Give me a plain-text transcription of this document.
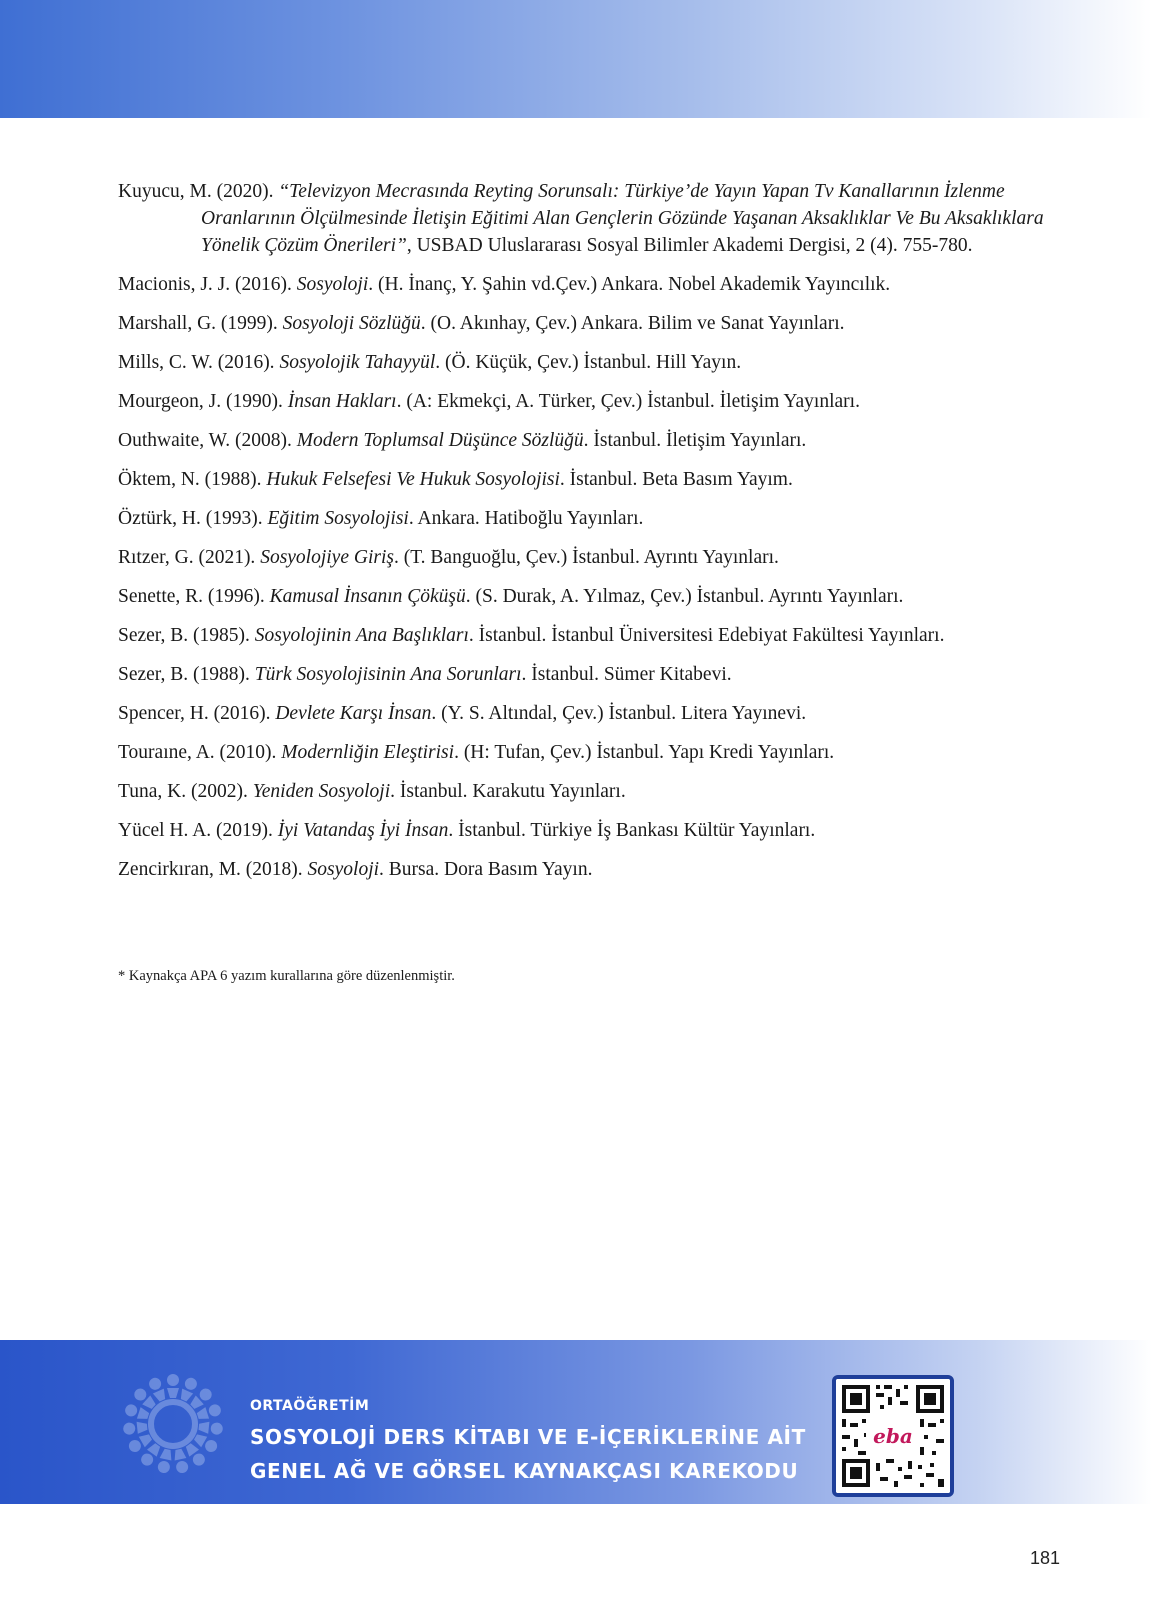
Kuyucu, M. (2020). “Televizyon Mecrasında Reyting Sorunsalı: Türkiye’de Yayın Yapan Tv Kanallarının İzlenme Oranlarının Ölçülmesinde İletişin Eğitimi Alan Gençlerin Gözünde Yaşanan Aksaklıklar Ve Bu Aksaklıklara Yönelik Çözüm Önerileri”, USBAD Uluslararası Sosyal Bilimler Akademi Dergisi, 2 (4). 755-780.

Macionis, J. J. (2016). Sosyoloji. (H. İnanç, Y. Şahin vd.Çev.) Ankara. Nobel Akademik Yayıncılık.

Marshall, G. (1999). Sosyoloji Sözlüğü. (O. Akınhay, Çev.) Ankara. Bilim ve Sanat Yayınları.

Mills, C. W. (2016). Sosyolojik Tahayyül. (Ö. Küçük, Çev.) İstanbul. Hill Yayın.

Mourgeon, J. (1990). İnsan Hakları. (A: Ekmekçi, A. Türker, Çev.) İstanbul. İletişim Yayınları.

Outhwaite, W. (2008). Modern Toplumsal Düşünce Sözlüğü. İstanbul. İletişim Yayınları.

Öktem, N. (1988). Hukuk Felsefesi Ve Hukuk Sosyolojisi. İstanbul. Beta Basım Yayım.

Öztürk, H. (1993). Eğitim Sosyolojisi. Ankara. Hatiboğlu Yayınları.

Rıtzer, G. (2021). Sosyolojiye Giriş. (T. Banguoğlu, Çev.) İstanbul. Ayrıntı Yayınları.

Senette, R. (1996). Kamusal İnsanın Çöküşü. (S. Durak, A. Yılmaz, Çev.) İstanbul. Ayrıntı Yayınları.

Sezer, B. (1985). Sosyolojinin Ana Başlıkları. İstanbul. İstanbul Üniversitesi Edebiyat Fakültesi Yayınları.

Sezer, B. (1988). Türk Sosyolojisinin Ana Sorunları. İstanbul. Sümer Kitabevi.

Spencer, H. (2016). Devlete Karşı İnsan. (Y. S. Altındal, Çev.) İstanbul. Litera Yayınevi.

Touraıne, A. (2010). Modernliğin Eleştirisi. (H: Tufan, Çev.) İstanbul. Yapı Kredi Yayınları.

Tuna, K. (2002). Yeniden Sosyoloji. İstanbul. Karakutu Yayınları.

Yücel H. A. (2019). İyi Vatandaş İyi İnsan. İstanbul. Türkiye İş Bankası Kültür Yayınları.

Zencirkıran, M. (2018). Sosyoloji. Bursa. Dora Basım Yayın.

* Kaynakça APA 6 yazım kurallarına göre düzenlenmiştir.

ORTAÖĞRETİM
SOSYOLOJİ DERS KİTABI VE E-İÇERİKLERİNE AİT
GENEL AĞ VE GÖRSEL KAYNAKÇASI KAREKODU
eba
181
